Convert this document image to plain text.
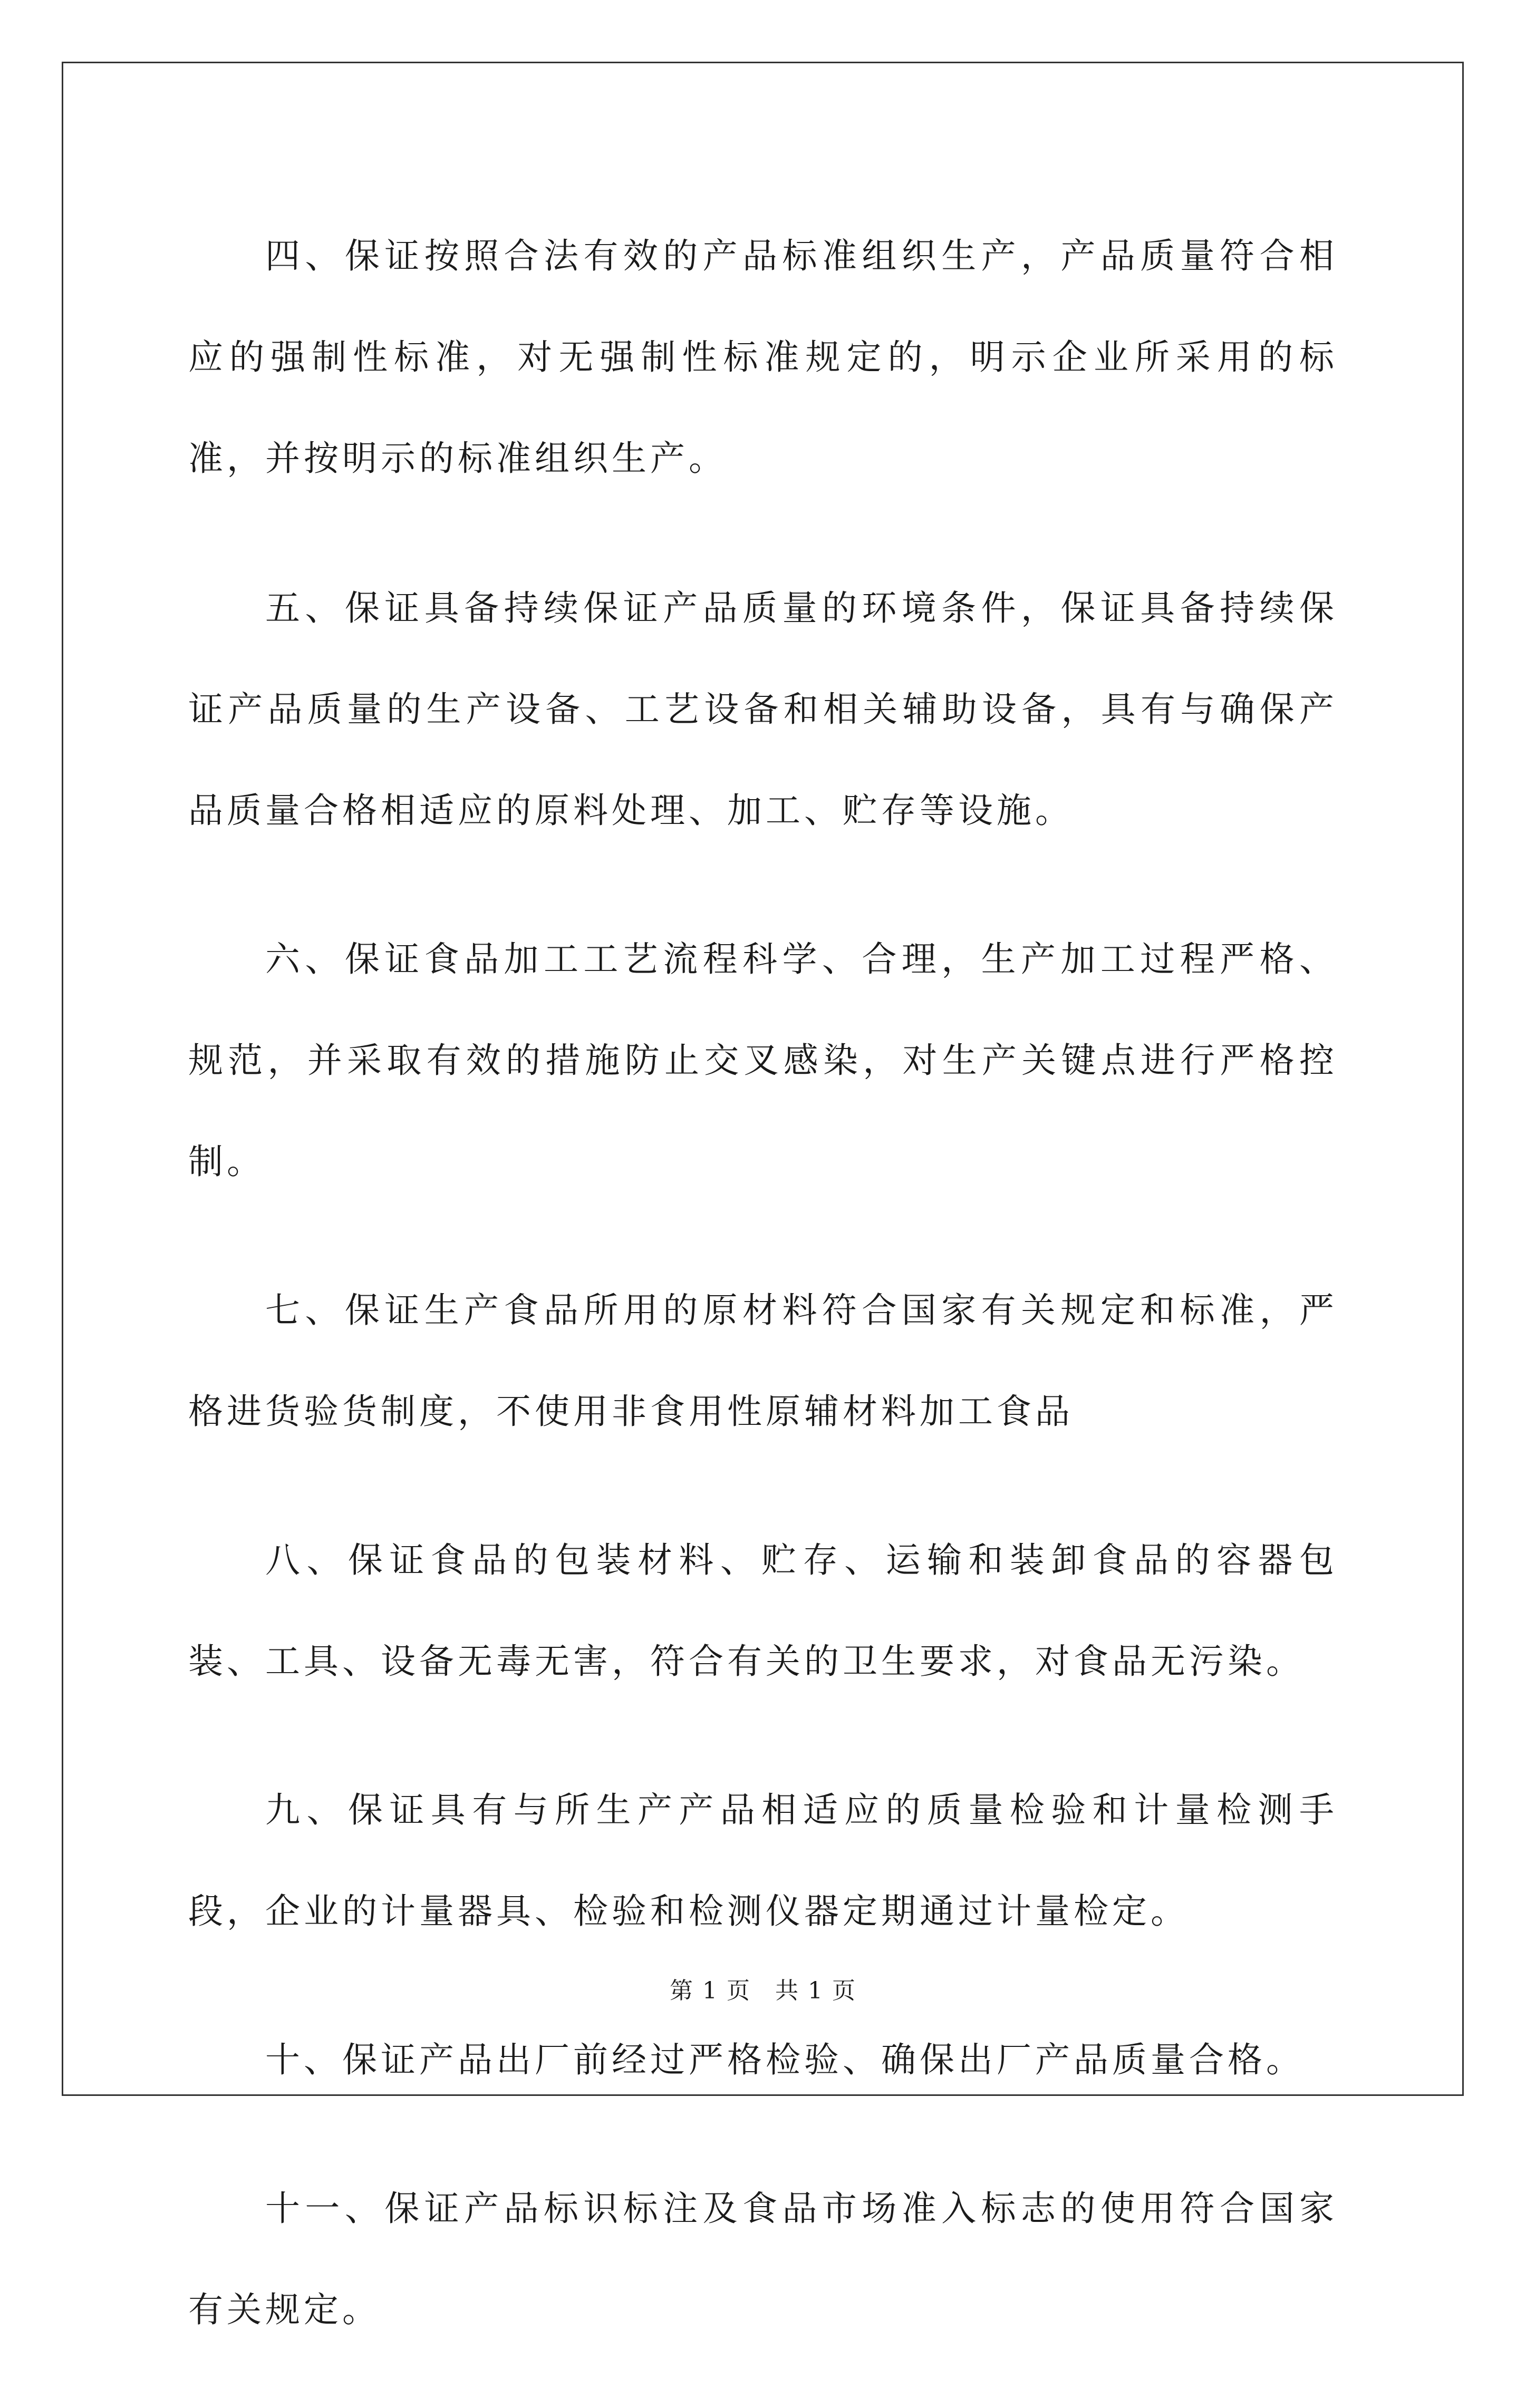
四、保证按照合法有效的产品标准组织生产，产品质量符合相应的强制性标准，对无强制性标准规定的，明示企业所采用的标准，并按明示的标准组织生产。

五、保证具备持续保证产品质量的环境条件，保证具备持续保证产品质量的生产设备、工艺设备和相关辅助设备，具有与确保产品质量合格相适应的原料处理、加工、贮存等设施。

六、保证食品加工工艺流程科学、合理，生产加工过程严格、规范，并采取有效的措施防止交叉感染，对生产关键点进行严格控制。

七、保证生产食品所用的原材料符合国家有关规定和标准，严格进货验货制度，不使用非食用性原辅材料加工食品

八、保证食品的包装材料、贮存、运输和装卸食品的容器包装、工具、设备无毒无害，符合有关的卫生要求，对食品无污染。

九、保证具有与所生产产品相适应的质量检验和计量检测手段，企业的计量器具、检验和检测仪器定期通过计量检定。

十、保证产品出厂前经过严格检验、确保出厂产品质量合格。

十一、保证产品标识标注及食品市场准入标志的使用符合国家有关规定。

第 1 页　共 1 页
